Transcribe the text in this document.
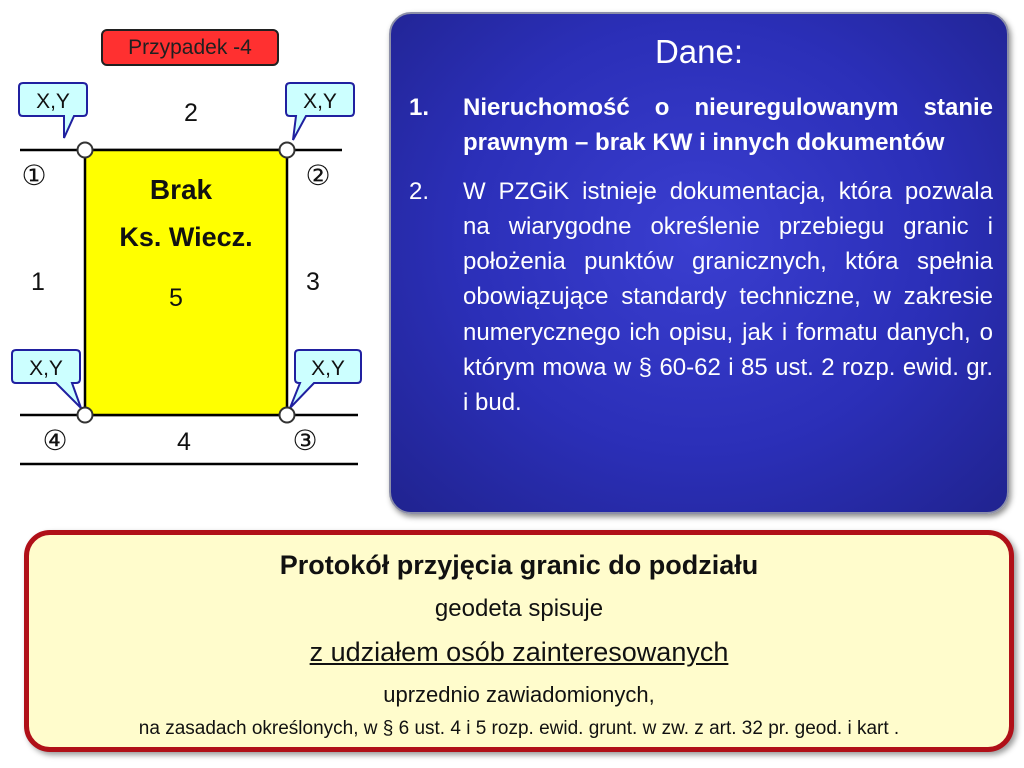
Przypadek -4
Brak
Ks. Wiecz.
5
2
1	3
4
X,Y	X,Y
X,Y	X,Y
①	②
③
④
Dane:
1.	Nieruchomość o nieuregulowanym stanie prawnym – brak KW i innych dokumentów
2.	W PZGiK istnieje dokumentacja, która pozwala na wiarygodne określenie przebiegu granic i położenia punktów granicznych, która spełnia obowiązujące standardy techniczne, w zakresie numerycznego ich opisu, jak i formatu danych, o którym mowa w § 60-62 i 85 ust. 2 rozp. ewid. gr. i bud.
Protokół przyjęcia granic do podziału
geodeta spisuje
z udziałem osób zainteresowanych
uprzednio zawiadomionych,
na zasadach określonych, w § 6 ust. 4 i 5 rozp. ewid. grunt. w zw. z art. 32 pr. geod. i kart .
